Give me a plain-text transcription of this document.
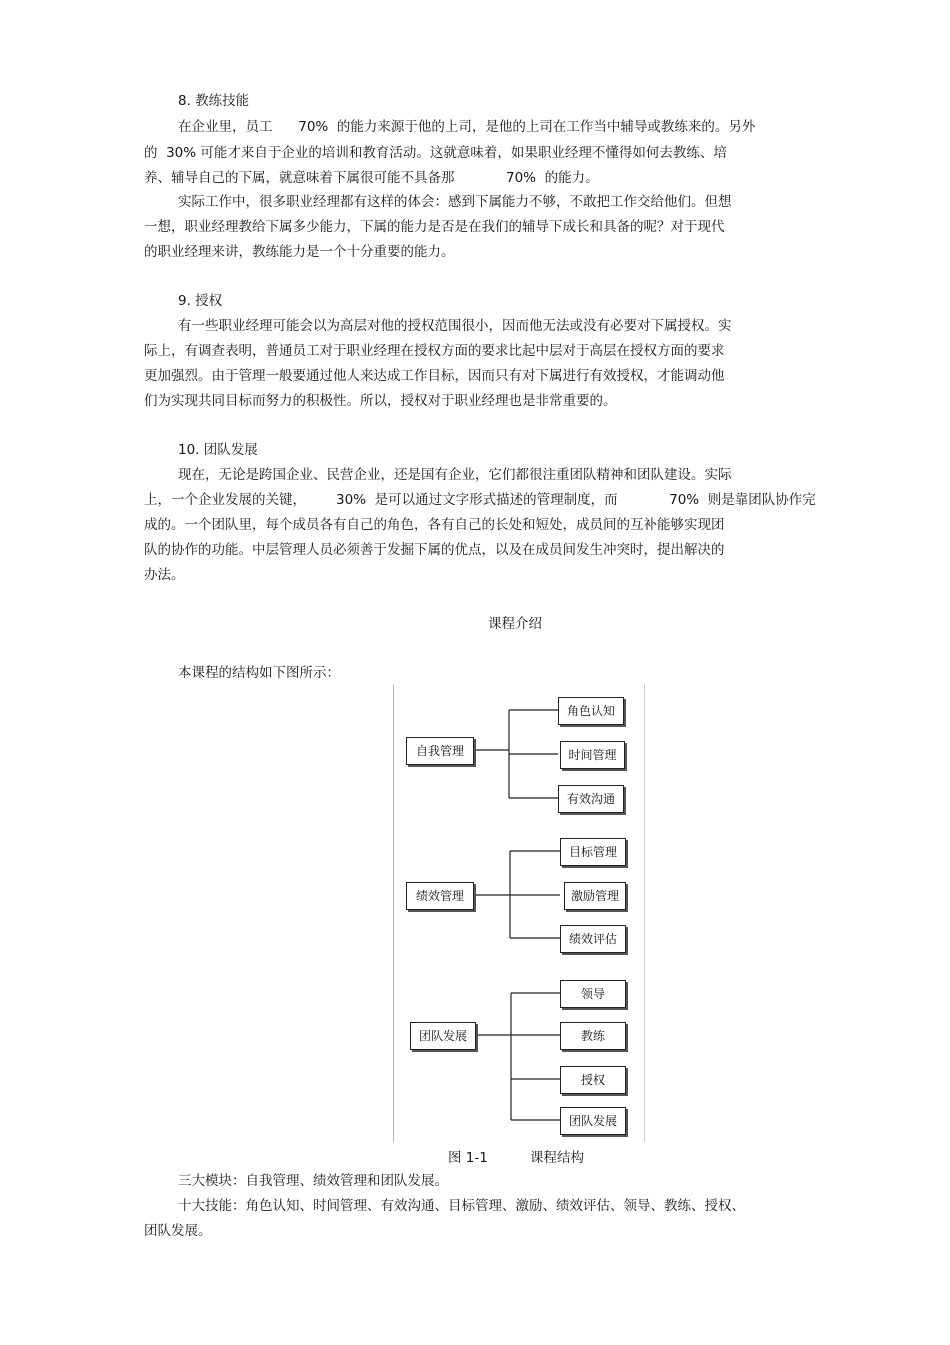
8. 教练技能
在企业里，员工      70%  的能力来源于他的上司，是他的上司在工作当中辅导或教练来的。另外
的  30% 可能才来自于企业的培训和教育活动。这就意味着，如果职业经理不懂得如何去教练、培
养、辅导自己的下属，就意味着下属很可能不具备那            70%  的能力。
实际工作中，很多职业经理都有这样的体会：感到下属能力不够，不敢把工作交给他们。但想
一想，职业经理教给下属多少能力，下属的能力是否是在我们的辅导下成长和具备的呢？对于现代
的职业经理来讲，教练能力是一个十分重要的能力。
9. 授权
有一些职业经理可能会以为高层对他的授权范围很小，因而他无法或没有必要对下属授权。实
际上，有调查表明，普通员工对于职业经理在授权方面的要求比起中层对于高层在授权方面的要求
更加强烈。由于管理一般要通过他人来达成工作目标，因而只有对下属进行有效授权，才能调动他
们为实现共同目标而努力的积极性。所以，授权对于职业经理也是非常重要的。
10. 团队发展
现在，无论是跨国企业、民营企业，还是国有企业，它们都很注重团队精神和团队建设。实际
上，一个企业发展的关键，       30%  是可以通过文字形式描述的管理制度，而            70%  则是靠团队协作完
成的。一个团队里，每个成员各有自己的角色，各有自己的长处和短处，成员间的互补能够实现团
队的协作的功能。中层管理人员必须善于发掘下属的优点，以及在成员间发生冲突时，提出解决的
办法。
课程介绍
本课程的结构如下图所示：
自我管理
绩效管理
团队发展
角色认知
时间管理
有效沟通
目标管理
激励管理
绩效评估
领导
教练
授权
团队发展
图 1-1	课程结构
三大模块：自我管理、绩效管理和团队发展。
十大技能：角色认知、时间管理、有效沟通、目标管理、激励、绩效评估、领导、教练、授权、
团队发展。
